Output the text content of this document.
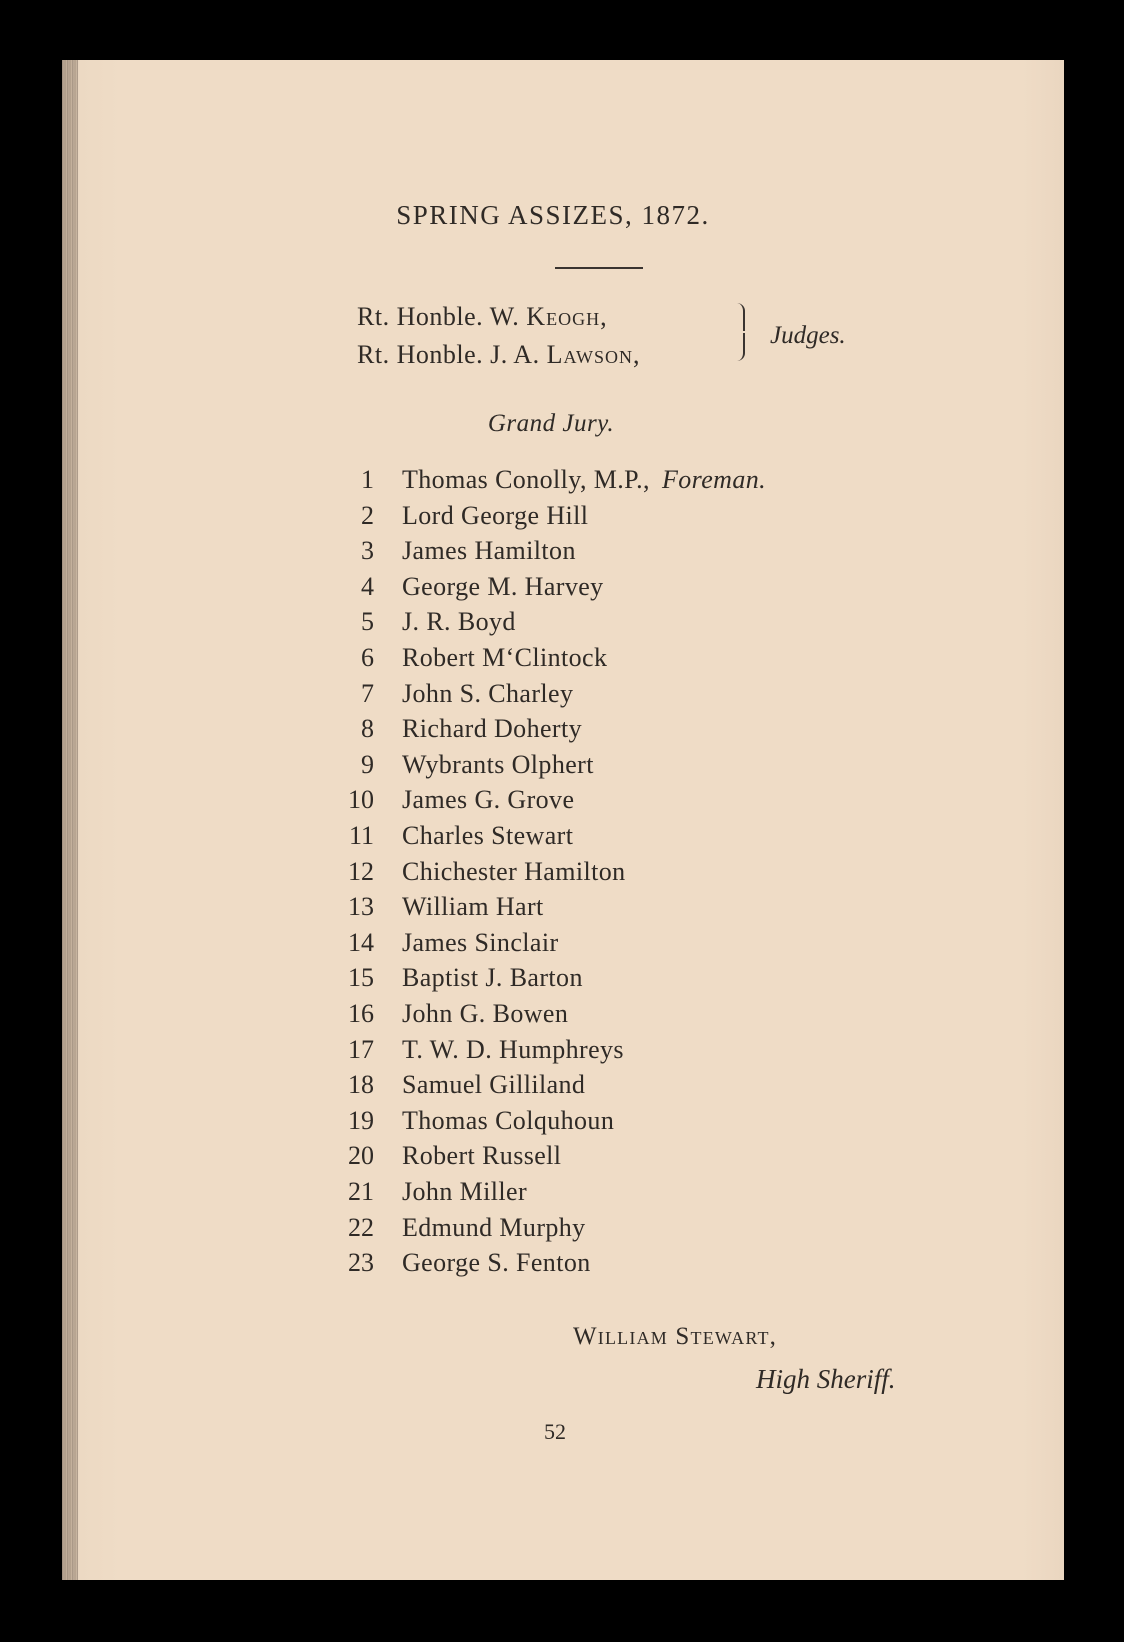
SPRING ASSIZES, 1872.
Rt. Honble. W. Keogh,
Rt. Honble. J. A. Lawson,
Judges.
Grand Jury.
1 Thomas Conolly, M.P., Foreman.
2 Lord George Hill
3 James Hamilton
4 George M. Harvey
5 J. R. Boyd
6 Robert M‘Clintock
7 John S. Charley
8 Richard Doherty
9 Wybrants Olphert
10 James G. Grove
11 Charles Stewart
12 Chichester Hamilton
13 William Hart
14 James Sinclair
15 Baptist J. Barton
16 John G. Bowen
17 T. W. D. Humphreys
18 Samuel Gilliland
19 Thomas Colquhoun
20 Robert Russell
21 John Miller
22 Edmund Murphy
23 George S. Fenton
William Stewart,
High Sheriff.
52
